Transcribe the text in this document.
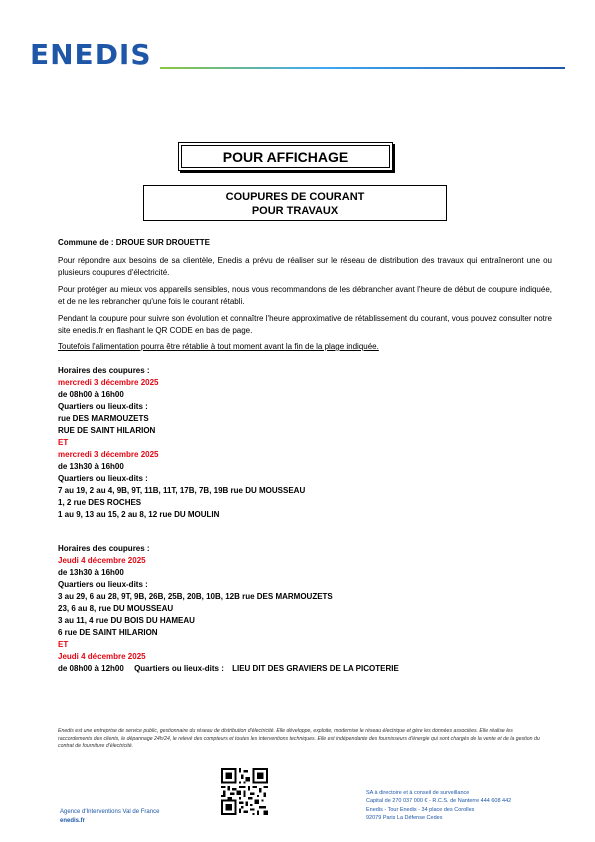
ENEDIS
POUR AFFICHAGE
COUPURES DE COURANT
POUR TRAVAUX

Commune de : DROUE SUR DROUETTE

Pour répondre aux besoins de sa clientèle, Enedis a prévu de réaliser sur le réseau de distribution des travaux qui entraîneront une ou plusieurs coupures d'électricité.

Pour protéger au mieux vos appareils sensibles, nous vous recommandons de les débrancher avant l'heure de début de coupure indiquée, et de ne les rebrancher qu'une fois le courant rétabli.

Pendant la coupure pour suivre son évolution et connaître l'heure approximative de rétablissement du courant, vous pouvez consulter notre site enedis.fr en flashant le QR CODE en bas de page.

Toutefois l'alimentation pourra être rétablie à tout moment avant la fin de la plage indiquée.

Horaires des coupures :
mercredi 3 décembre 2025
de 08h00 à 16h00
Quartiers ou lieux-dits :
rue DES MARMOUZETS
RUE DE SAINT HILARION
ET
mercredi 3 décembre 2025
de 13h30 à 16h00
Quartiers ou lieux-dits :
7 au 19, 2 au 4, 9B, 9T, 11B, 11T, 17B, 7B, 19B rue DU MOUSSEAU
1, 2 rue DES ROCHES
1 au 9, 13 au 15, 2 au 8, 12 rue DU MOULIN
Horaires des coupures :
Jeudi 4 décembre 2025
de 13h30 à 16h00
Quartiers ou lieux-dits :
3 au 29, 6 au 28, 9T, 9B, 26B, 25B, 20B, 10B, 12B rue DES MARMOUZETS
23, 6 au 8, rue DU MOUSSEAU
3 au 11, 4 rue DU BOIS DU HAMEAU
6 rue DE SAINT HILARION
ET
Jeudi 4 décembre 2025
de 08h00 à 12h00 Quartiers ou lieux-dits : LIEU DIT DES GRAVIERS DE LA PICOTERIE
Enedis est une entreprise de service public, gestionnaire du réseau de distribution d'électricité. Elle développe, exploite, modernise le réseau électrique et gère les données associées. Elle réalise les raccordements des clients, le dépannage 24h/24, le relevé des compteurs et toutes les interventions techniques. Elle est indépendante des fournisseurs d'énergie qui sont chargés de la vente et de la gestion du contrat de fourniture d'électricité.
Agence d'Interventions Val de France
enedis.fr
SA à directoire et à conseil de surveillance
Capital de 270 037 000 € - R.C.S. de Nanterre 444 608 442
Enedis - Tour Enedis - 34 place des Corolles
92079 Paris La Défense Cedex
